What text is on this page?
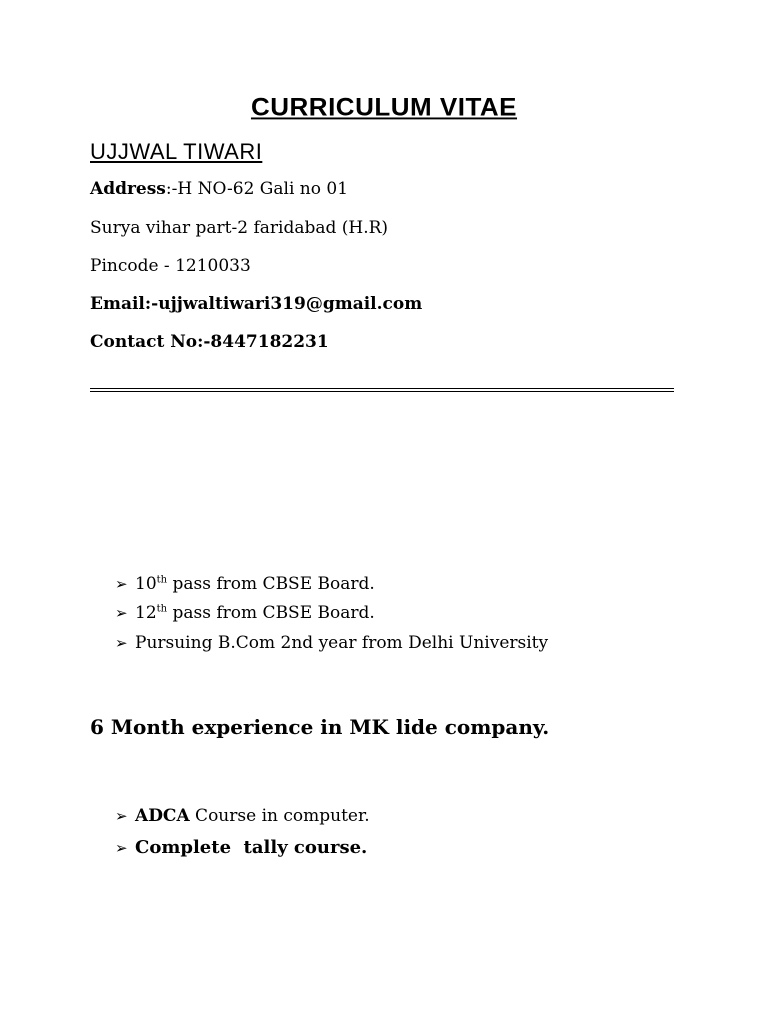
CURRICULUM VITAE
UJJWAL TIWARI
Address:-H NO-62 Gali no 01
Surya vihar part-2 faridabad (H.R)
Pincode - 1210033
Email:-ujjwaltiwari319@gmail.com
Contact No:-8447182231
➢ 10th pass from CBSE Board.
➢ 12th pass from CBSE Board.
➢ Pursuing B.Com 2nd year from Delhi University
6 Month experience in MK lide company.
➢ ADCA Course in computer.
➢ Complete  tally course.
